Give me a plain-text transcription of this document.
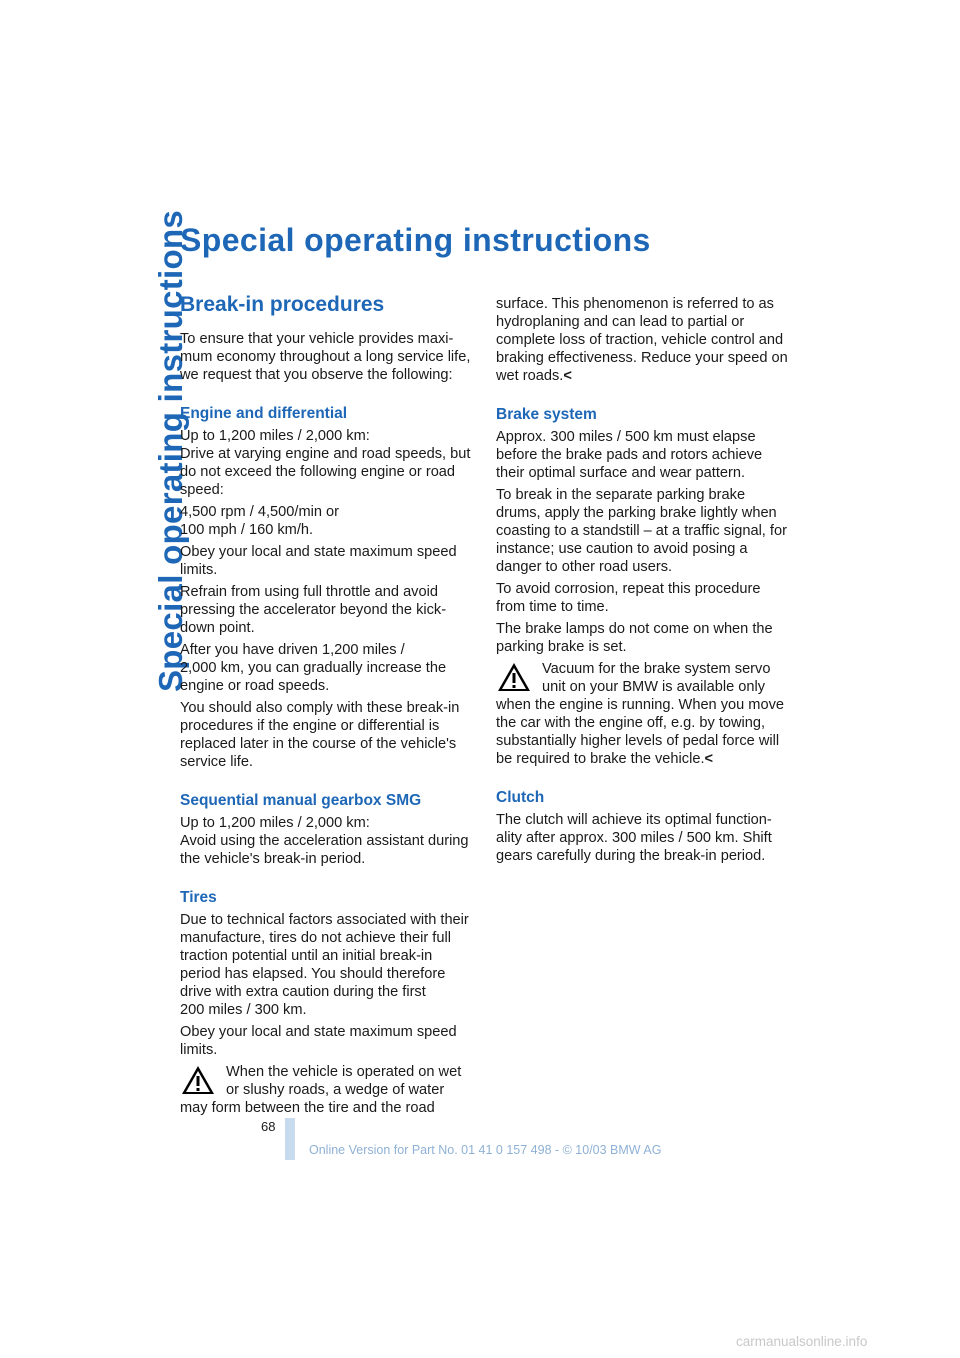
Special operating instructions
Special operating instructions
Break-in procedures

To ensure that your vehicle provides maximum economy throughout a long service life, we request that you observe the following:

Engine and differential

Up to 1,200 miles / 2,000 km:
Drive at varying engine and road speeds, but do not exceed the following engine or road speed:

4,500 rpm / 4,500/min or
100 mph / 160 km/h.

Obey your local and state maximum speed limits.

Refrain from using full throttle and avoid pressing the accelerator beyond the kickdown point.

After you have driven 1,200 miles /
2,000 km, you can gradually increase the engine or road speeds.

You should also comply with these break-in procedures if the engine or differential is replaced later in the course of the vehicle's service life.

Sequential manual gearbox SMG

Up to 1,200 miles / 2,000 km:
Avoid using the acceleration assistant during the vehicle's break-in period.

Tires

Due to technical factors associated with their manufacture, tires do not achieve their full traction potential until an initial break-in period has elapsed. You should therefore drive with extra caution during the first
200 miles / 300 km.

Obey your local and state maximum speed limits.

When the vehicle is operated on wet or slushy roads, a wedge of water may form between the tire and the road

surface. This phenomenon is referred to as hydroplaning and can lead to partial or complete loss of traction, vehicle control and braking effectiveness. Reduce your speed on wet roads.<

Brake system

Approx. 300 miles / 500 km must elapse before the brake pads and rotors achieve their optimal surface and wear pattern.

To break in the separate parking brake drums, apply the parking brake lightly when coasting to a standstill – at a traffic signal, for instance; use caution to avoid posing a danger to other road users.

To avoid corrosion, repeat this procedure from time to time.

The brake lamps do not come on when the parking brake is set.

Vacuum for the brake system servo unit on your BMW is available only when the engine is running. When you move the car with the engine off, e.g. by towing, substantially higher levels of pedal force will be required to brake the vehicle.<

Clutch

The clutch will achieve its optimal functionality after approx. 300 miles / 500 km. Shift gears carefully during the break-in period.

68
Online Version for Part No. 01 41 0 157 498 - © 10/03 BMW AG
carmanualsonline.info
